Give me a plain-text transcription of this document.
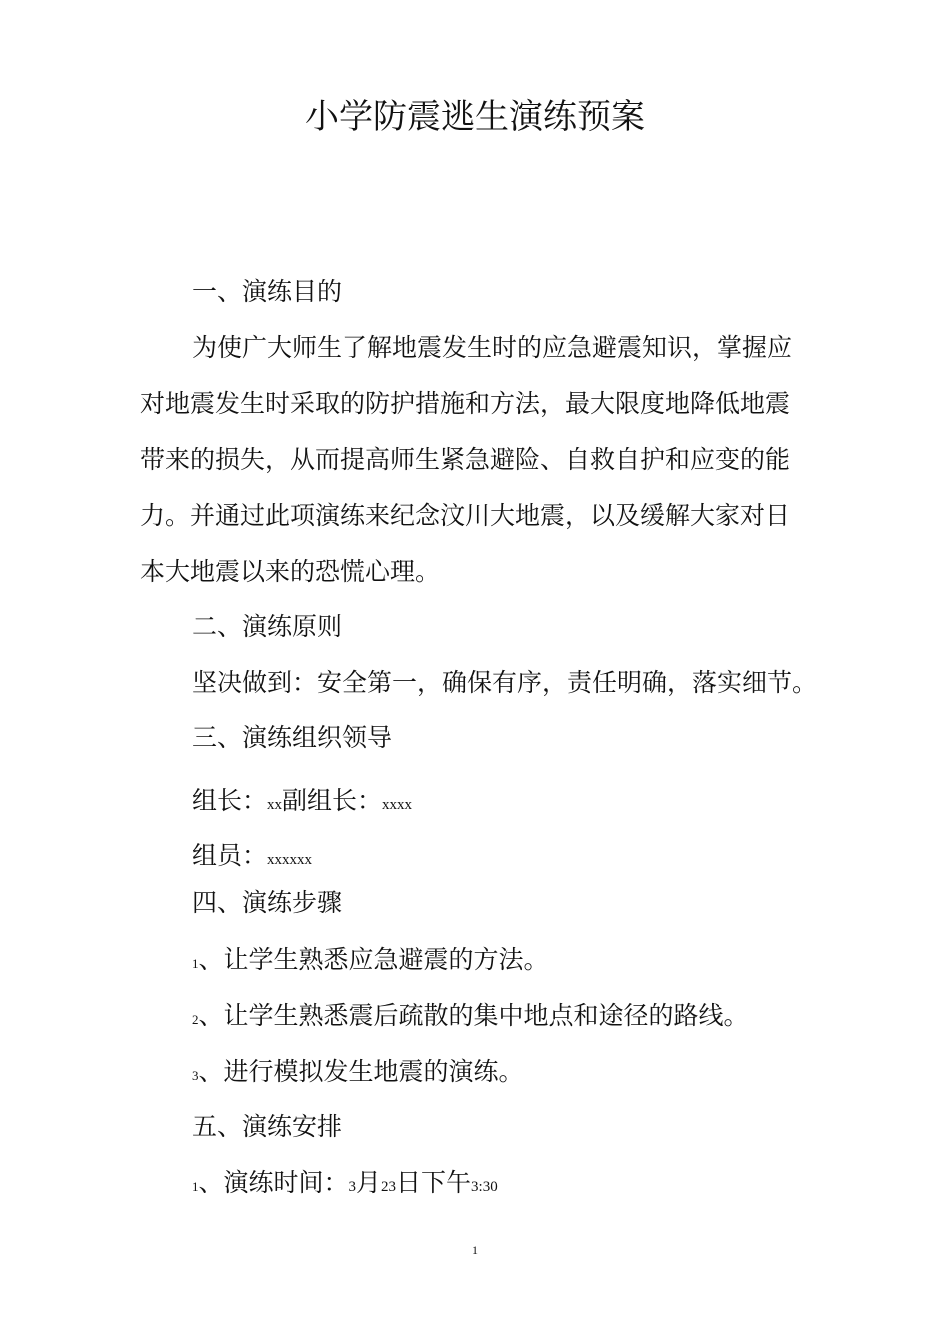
小学防震逃生演练预案
一、演练目的
为使广大师生了解地震发生时的应急避震知识，掌握应
对地震发生时采取的防护措施和方法，最大限度地降低地震
带来的损失，从而提高师生紧急避险、自救自护和应变的能
力。并通过此项演练来纪念汶川大地震，以及缓解大家对日
本大地震以来的恐慌心理。
二、演练原则
坚决做到：安全第一，确保有序，责任明确，落实细节。
三、演练组织领导
组长：xx副组长：xxxx
组员：xxxxxx
四、演练步骤
1、让学生熟悉应急避震的方法。
2、让学生熟悉震后疏散的集中地点和途径的路线。
3、进行模拟发生地震的演练。
五、演练安排
1、演练时间：3月23日下午3:30
1
